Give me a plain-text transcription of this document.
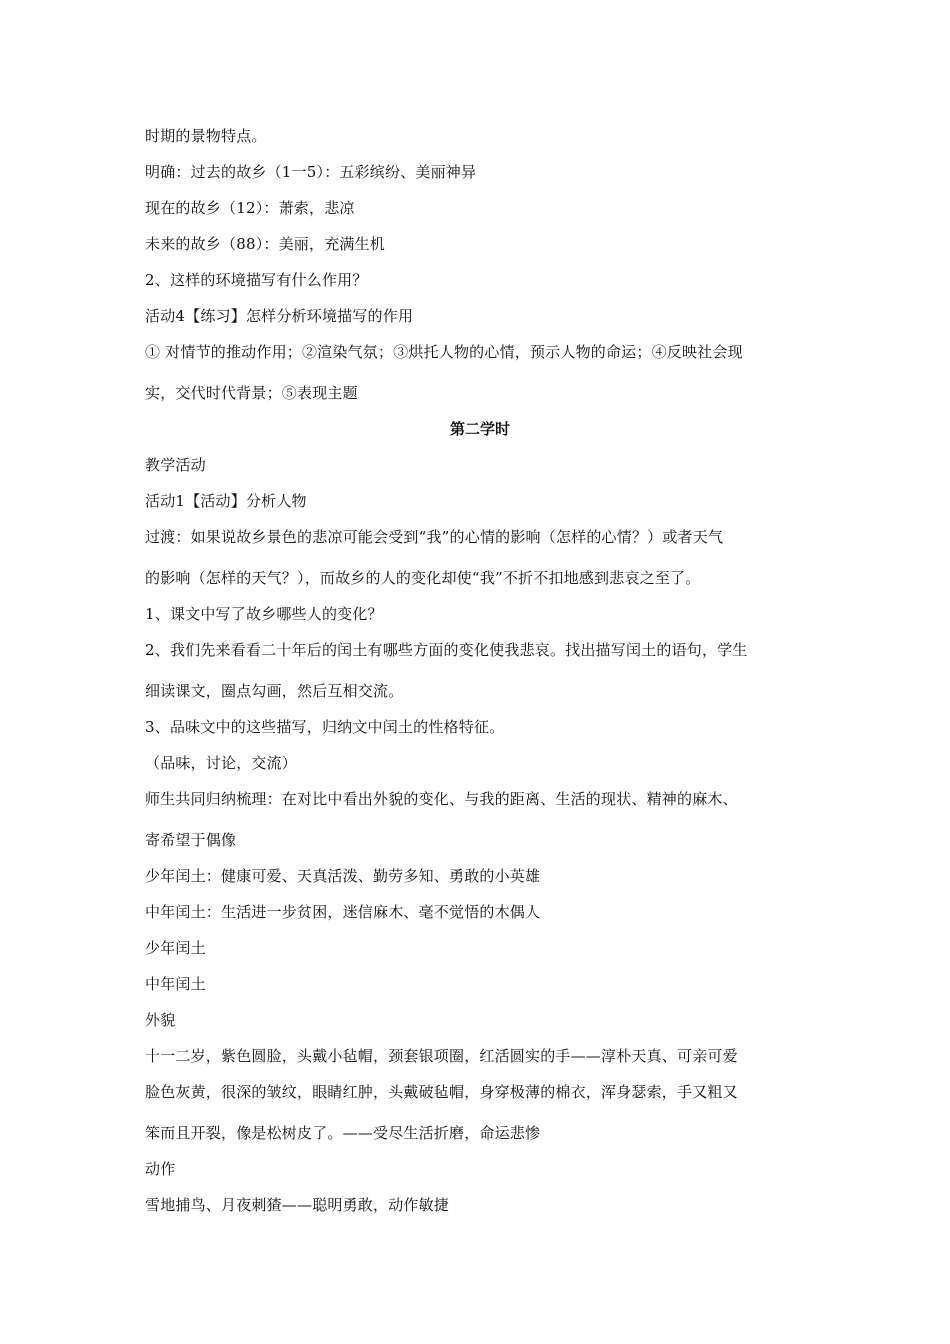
时期的景物特点。
明确：过去的故乡（1一5）：五彩缤纷、美丽神异
现在的故乡（12）：萧索，悲凉
未来的故乡（88）：美丽，充满生机
2、这样的环境描写有什么作用？
活动4【练习】怎样分析环境描写的作用
① 对情节的推动作用；②渲染气氛；③烘托人物的心情，预示人物的命运；④反映社会现
实，交代时代背景；⑤表现主题
第二学时
教学活动
活动1【活动】分析人物
过渡：如果说故乡景色的悲凉可能会受到“我”的心情的影响（怎样的心情？）或者天气
的影响（怎样的天气？），而故乡的人的变化却使“我”不折不扣地感到悲哀之至了。
1、课文中写了故乡哪些人的变化？
2、我们先来看看二十年后的闰土有哪些方面的变化使我悲哀。找出描写闰土的语句，学生
细读课文，圈点勾画，然后互相交流。
3、品味文中的这些描写，归纳文中闰土的性格特征。
（品味，讨论，交流）
师生共同归纳梳理：在对比中看出外貌的变化、与我的距离、生活的现状、精神的麻木、
寄希望于偶像
少年闰土：健康可爱、天真活泼、勤劳多知、勇敢的小英雄
中年闰土：生活进一步贫困，迷信麻木、毫不觉悟的木偶人
少年闰土
中年闰土
外貌
十一二岁，紫色圆脸，头戴小毡帽，颈套银项圈，红活圆实的手——淳朴天真、可亲可爱
脸色灰黄，很深的皱纹，眼睛红肿，头戴破毡帽，身穿极薄的棉衣，浑身瑟索，手又粗又
笨而且开裂，像是松树皮了。——受尽生活折磨，命运悲惨
动作
雪地捕鸟、月夜刺猹——聪明勇敢，动作敏捷
